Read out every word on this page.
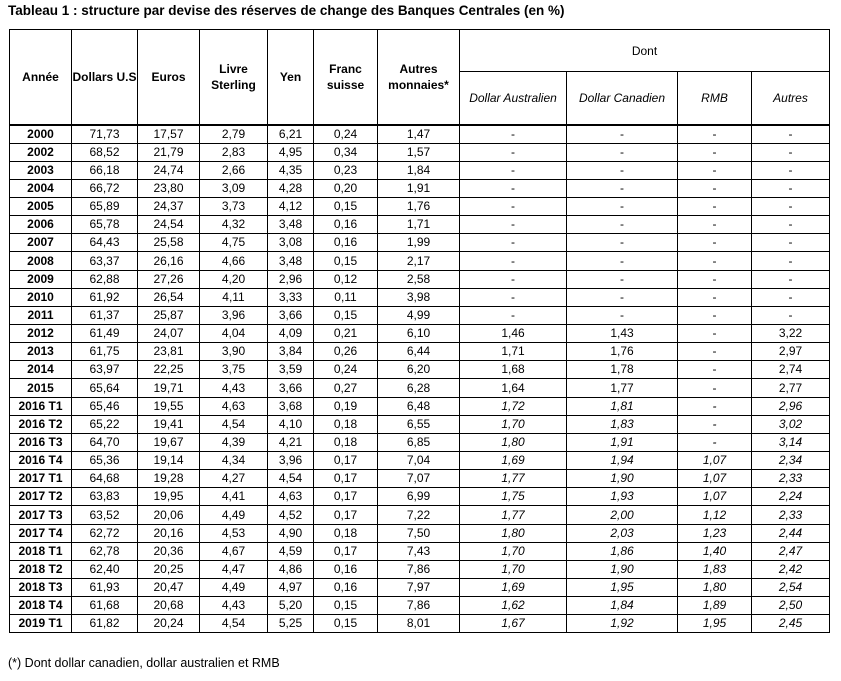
Tableau 1 : structure par devise des réserves de change des Banques Centrales (en %)
Année	Dollars U.S	Euros	Livre Sterling	Yen	Franc suisse	Autres monnaies*	Dont			
							Dollar Australien	Dollar Canadien	RMB	Autres
2000	71,73	17,57	2,79	6,21	0,24	1,47	-	-	-	-
2002	68,52	21,79	2,83	4,95	0,34	1,57	-	-	-	-
2003	66,18	24,74	2,66	4,35	0,23	1,84	-	-	-	-
2004	66,72	23,80	3,09	4,28	0,20	1,91	-	-	-	-
2005	65,89	24,37	3,73	4,12	0,15	1,76	-	-	-	-
2006	65,78	24,54	4,32	3,48	0,16	1,71	-	-	-	-
2007	64,43	25,58	4,75	3,08	0,16	1,99	-	-	-	-
2008	63,37	26,16	4,66	3,48	0,15	2,17	-	-	-	-
2009	62,88	27,26	4,20	2,96	0,12	2,58	-	-	-	-
2010	61,92	26,54	4,11	3,33	0,11	3,98	-	-	-	-
2011	61,37	25,87	3,96	3,66	0,15	4,99	-	-	-	-
2012	61,49	24,07	4,04	4,09	0,21	6,10	1,46	1,43	-	3,22
2013	61,75	23,81	3,90	3,84	0,26	6,44	1,71	1,76	-	2,97
2014	63,97	22,25	3,75	3,59	0,24	6,20	1,68	1,78	-	2,74
2015	65,64	19,71	4,43	3,66	0,27	6,28	1,64	1,77	-	2,77
2016 T1	65,46	19,55	4,63	3,68	0,19	6,48	1,72	1,81	-	2,96
2016 T2	65,22	19,41	4,54	4,10	0,18	6,55	1,70	1,83	-	3,02
2016 T3	64,70	19,67	4,39	4,21	0,18	6,85	1,80	1,91	-	3,14
2016 T4	65,36	19,14	4,34	3,96	0,17	7,04	1,69	1,94	1,07	2,34
2017 T1	64,68	19,28	4,27	4,54	0,17	7,07	1,77	1,90	1,07	2,33
2017 T2	63,83	19,95	4,41	4,63	0,17	6,99	1,75	1,93	1,07	2,24
2017 T3	63,52	20,06	4,49	4,52	0,17	7,22	1,77	2,00	1,12	2,33
2017 T4	62,72	20,16	4,53	4,90	0,18	7,50	1,80	2,03	1,23	2,44
2018 T1	62,78	20,36	4,67	4,59	0,17	7,43	1,70	1,86	1,40	2,47
2018 T2	62,40	20,25	4,47	4,86	0,16	7,86	1,70	1,90	1,83	2,42
2018 T3	61,93	20,47	4,49	4,97	0,16	7,97	1,69	1,95	1,80	2,54
2018 T4	61,68	20,68	4,43	5,20	0,15	7,86	1,62	1,84	1,89	2,50
2019 T1	61,82	20,24	4,54	5,25	0,15	8,01	1,67	1,92	1,95	2,45
(*) Dont dollar canadien, dollar australien et RMB
